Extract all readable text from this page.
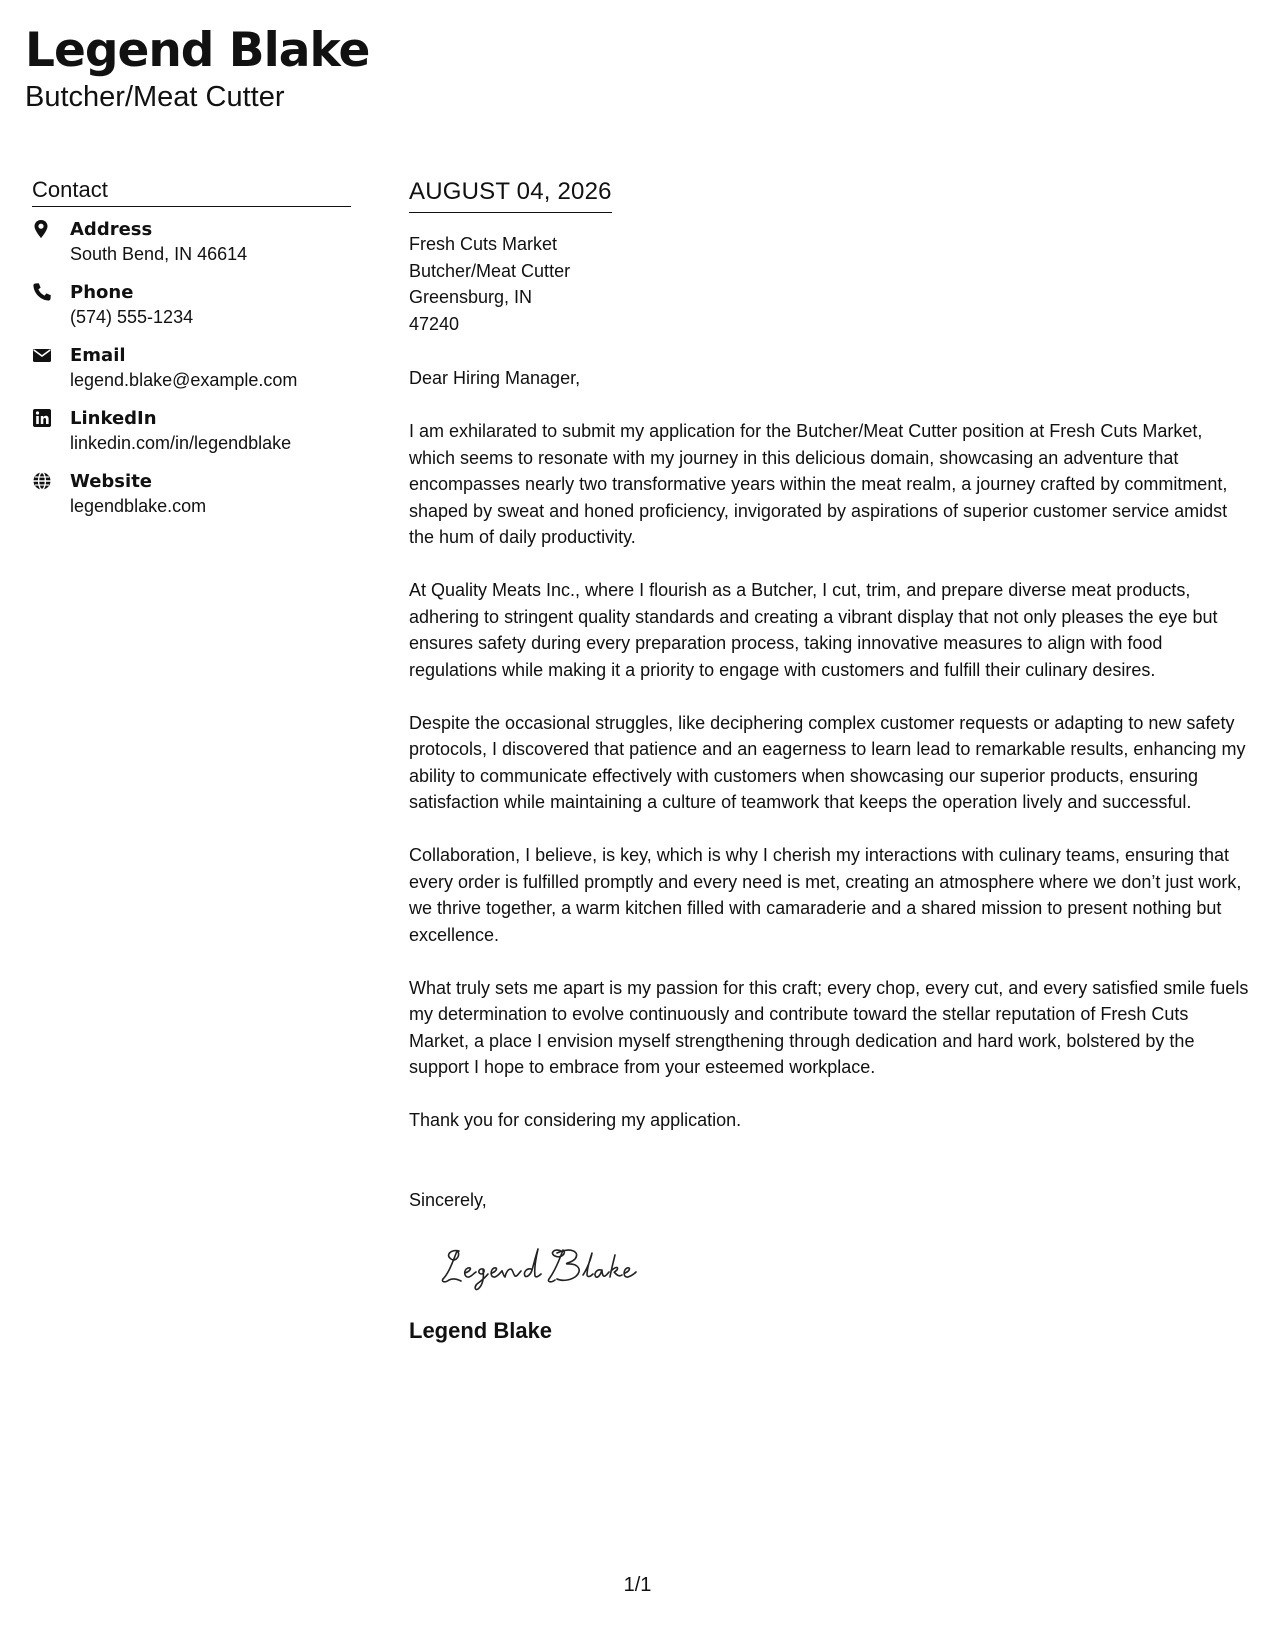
Legend Blake
Butcher/Meat Cutter
Contact
Address
South Bend, IN 46614
Phone
(574) 555-1234
Email
legend.blake@example.com
LinkedIn
linkedin.com/in/legendblake
Website
legendblake.com
AUGUST 04, 2026
Fresh Cuts Market
Butcher/Meat Cutter
Greensburg, IN
47240
Dear Hiring Manager,
I am exhilarated to submit my application for the Butcher/Meat Cutter position at Fresh Cuts Market, which seems to resonate with my journey in this delicious domain, showcasing an adventure that encompasses nearly two transformative years within the meat realm, a journey crafted by commitment, shaped by sweat and honed proficiency, invigorated by aspirations of superior customer service amidst the hum of daily productivity.
At Quality Meats Inc., where I flourish as a Butcher, I cut, trim, and prepare diverse meat products, adhering to stringent quality standards and creating a vibrant display that not only pleases the eye but ensures safety during every preparation process, taking innovative measures to align with food regulations while making it a priority to engage with customers and fulfill their culinary desires.
Despite the occasional struggles, like deciphering complex customer requests or adapting to new safety protocols, I discovered that patience and an eagerness to learn lead to remarkable results, enhancing my ability to communicate effectively with customers when showcasing our superior products, ensuring satisfaction while maintaining a culture of teamwork that keeps the operation lively and successful.
Collaboration, I believe, is key, which is why I cherish my interactions with culinary teams, ensuring that every order is fulfilled promptly and every need is met, creating an atmosphere where we don’t just work, we thrive together, a warm kitchen filled with camaraderie and a shared mission to present nothing but excellence.
What truly sets me apart is my passion for this craft; every chop, every cut, and every satisfied smile fuels my determination to evolve continuously and contribute toward the stellar reputation of Fresh Cuts Market, a place I envision myself strengthening through dedication and hard work, bolstered by the support I hope to embrace from your esteemed workplace.
Thank you for considering my application.
Sincerely,
Legend Blake
1/1
